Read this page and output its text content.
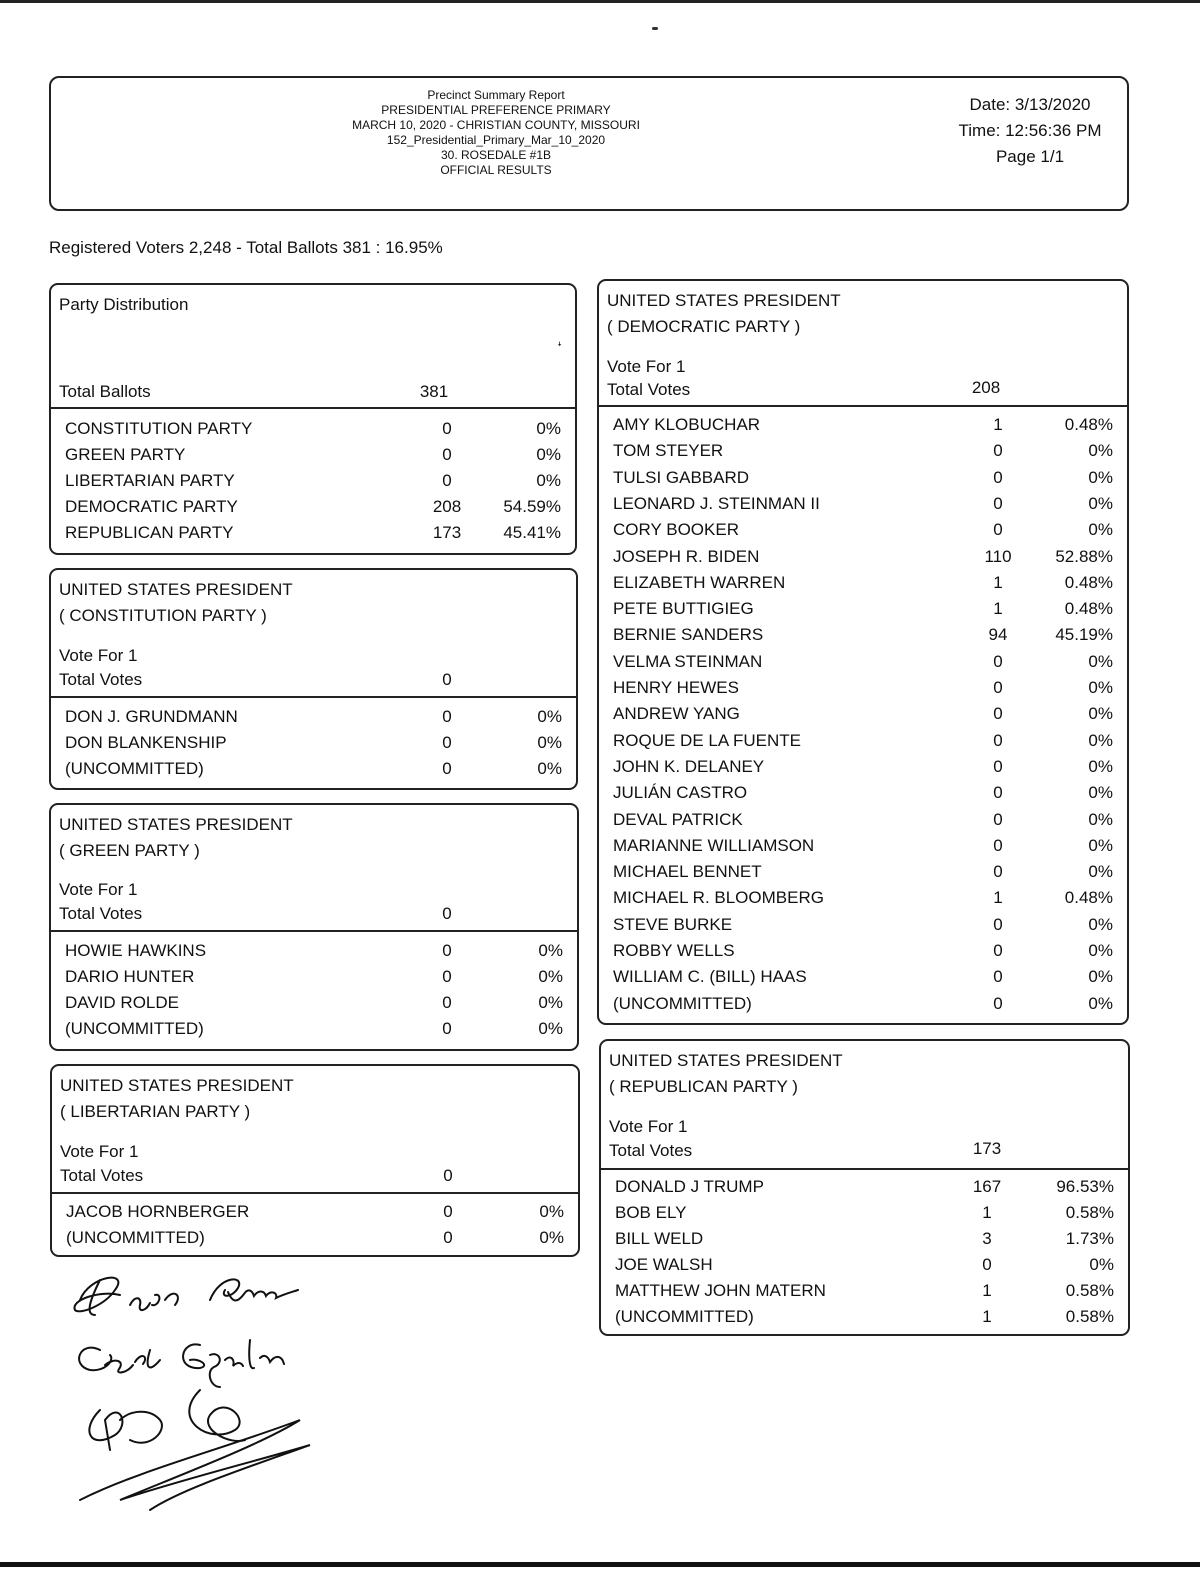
Precinct Summary Report
PRESIDENTIAL PREFERENCE PRIMARY
MARCH 10, 2020 - CHRISTIAN COUNTY, MISSOURI
152_Presidential_Primary_Mar_10_2020
30. ROSEDALE #1B
OFFICIAL RESULTS
Date: 3/13/2020
Time: 12:56:36 PM
Page 1/1
Registered Voters 2,248 - Total Ballots 381 : 16.95%
Party Distribution
ꜜ
Total Ballots	381
CONSTITUTION PARTY	0	0%
GREEN PARTY	0	0%
LIBERTARIAN PARTY	0	0%
DEMOCRATIC PARTY	208	54.59%
REPUBLICAN PARTY	173	45.41%
UNITED STATES PRESIDENT
( CONSTITUTION PARTY )
Vote For 1
Total Votes	0
DON J. GRUNDMANN	0	0%
DON BLANKENSHIP	0	0%
(UNCOMMITTED)	0	0%
UNITED STATES PRESIDENT
( GREEN PARTY )
Vote For 1
Total Votes	0
HOWIE HAWKINS	0	0%
DARIO HUNTER	0	0%
DAVID ROLDE	0	0%
(UNCOMMITTED)	0	0%
UNITED STATES PRESIDENT
( LIBERTARIAN PARTY )
Vote For 1
Total Votes	0
JACOB HORNBERGER	0	0%
(UNCOMMITTED)	0	0%
UNITED STATES PRESIDENT
( DEMOCRATIC PARTY )
Vote For 1
Total Votes	208
AMY KLOBUCHAR	1	0.48%
TOM STEYER	0	0%
TULSI GABBARD	0	0%
LEONARD J. STEINMAN II	0	0%
CORY BOOKER	0	0%
JOSEPH R. BIDEN	110	52.88%
ELIZABETH WARREN	1	0.48%
PETE BUTTIGIEG	1	0.48%
BERNIE SANDERS	94	45.19%
VELMA STEINMAN	0	0%
HENRY HEWES	0	0%
ANDREW YANG	0	0%
ROQUE DE LA FUENTE	0	0%
JOHN K. DELANEY	0	0%
JULIÁN CASTRO	0	0%
DEVAL PATRICK	0	0%
MARIANNE WILLIAMSON	0	0%
MICHAEL BENNET	0	0%
MICHAEL R. BLOOMBERG	1	0.48%
STEVE BURKE	0	0%
ROBBY WELLS	0	0%
WILLIAM C. (BILL) HAAS	0	0%
(UNCOMMITTED)	0	0%
UNITED STATES PRESIDENT
( REPUBLICAN PARTY )
Vote For 1
Total Votes	173
DONALD J TRUMP	167	96.53%
BOB ELY	1	0.58%
BILL WELD	3	1.73%
JOE WALSH	0	0%
MATTHEW JOHN MATERN	1	0.58%
(UNCOMMITTED)	1	0.58%
